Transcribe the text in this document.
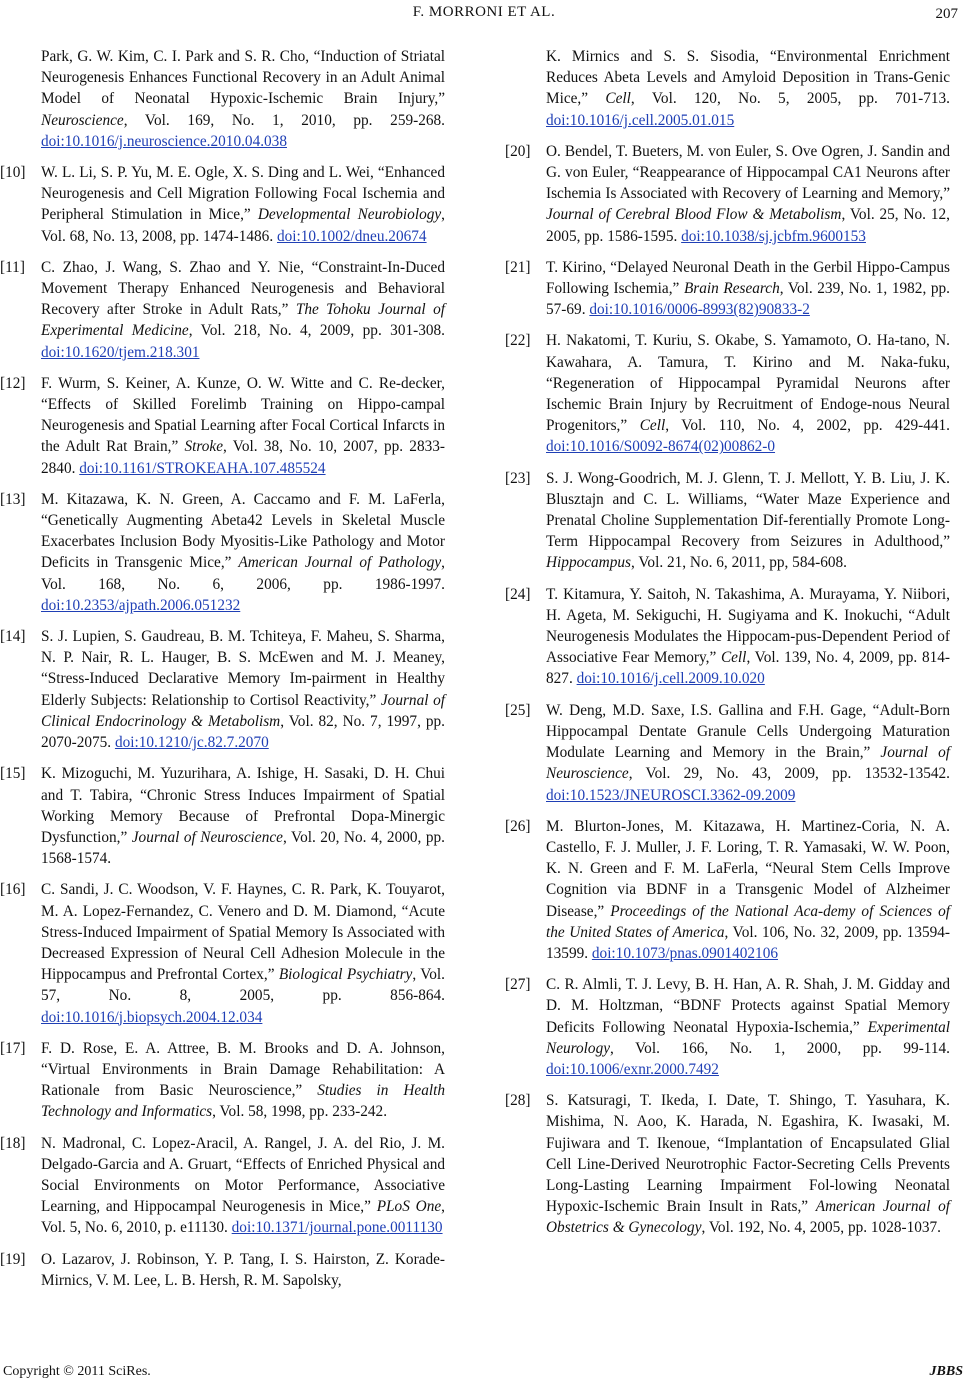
F. MORRONI ET AL.	207
Park, G. W. Kim, C. I. Park and S. R. Cho, “Induction of Striatal Neurogenesis Enhances Functional Recovery in an Adult Animal Model of Neonatal Hypoxic-Ischemic Brain Injury,” Neuroscience, Vol. 169, No. 1, 2010, pp. 259-268. doi:10.1016/j.neuroscience.2010.04.038
[10] W. L. Li, S. P. Yu, M. E. Ogle, X. S. Ding and L. Wei, “Enhanced Neurogenesis and Cell Migration Following Focal Ischemia and Peripheral Stimulation in Mice,” Developmental Neurobiology, Vol. 68, No. 13, 2008, pp. 1474-1486. doi:10.1002/dneu.20674
[11] C. Zhao, J. Wang, S. Zhao and Y. Nie, “Constraint-In-Duced Movement Therapy Enhanced Neurogenesis and Behavioral Recovery after Stroke in Adult Rats,” The Tohoku Journal of Experimental Medicine, Vol. 218, No. 4, 2009, pp. 301-308. doi:10.1620/tjem.218.301
[12] F. Wurm, S. Keiner, A. Kunze, O. W. Witte and C. Re-decker, “Effects of Skilled Forelimb Training on Hippo-campal Neurogenesis and Spatial Learning after Focal Cortical Infarcts in the Adult Rat Brain,” Stroke, Vol. 38, No. 10, 2007, pp. 2833-2840. doi:10.1161/STROKEAHA.107.485524
[13] M. Kitazawa, K. N. Green, A. Caccamo and F. M. LaFerla, “Genetically Augmenting Abeta42 Levels in Skeletal Muscle Exacerbates Inclusion Body Myositis-Like Pathology and Motor Deficits in Transgenic Mice,” American Journal of Pathology, Vol. 168, No. 6, 2006, pp. 1986-1997. doi:10.2353/ajpath.2006.051232
[14] S. J. Lupien, S. Gaudreau, B. M. Tchiteya, F. Maheu, S. Sharma, N. P. Nair, R. L. Hauger, B. S. McEwen and M. J. Meaney, “Stress-Induced Declarative Memory Im-pairment in Healthy Elderly Subjects: Relationship to Cortisol Reactivity,” Journal of Clinical Endocrinology & Metabolism, Vol. 82, No. 7, 1997, pp. 2070-2075. doi:10.1210/jc.82.7.2070
[15] K. Mizoguchi, M. Yuzurihara, A. Ishige, H. Sasaki, D. H. Chui and T. Tabira, “Chronic Stress Induces Impairment of Spatial Working Memory Because of Prefrontal Dopa-Minergic Dysfunction,” Journal of Neuroscience, Vol. 20, No. 4, 2000, pp. 1568-1574.
[16] C. Sandi, J. C. Woodson, V. F. Haynes, C. R. Park, K. Touyarot, M. A. Lopez-Fernandez, C. Venero and D. M. Diamond, “Acute Stress-Induced Impairment of Spatial Memory Is Associated with Decreased Expression of Neural Cell Adhesion Molecule in the Hippocampus and Prefrontal Cortex,” Biological Psychiatry, Vol. 57, No. 8, 2005, pp. 856-864. doi:10.1016/j.biopsych.2004.12.034
[17] F. D. Rose, E. A. Attree, B. M. Brooks and D. A. Johnson, “Virtual Environments in Brain Damage Rehabilitation: A Rationale from Basic Neuroscience,” Studies in Health Technology and Informatics, Vol. 58, 1998, pp. 233-242.
[18] N. Madronal, C. Lopez-Aracil, A. Rangel, J. A. del Rio, J. M. Delgado-Garcia and A. Gruart, “Effects of Enriched Physical and Social Environments on Motor Performance, Associative Learning, and Hippocampal Neurogenesis in Mice,” PLoS One, Vol. 5, No. 6, 2010, p. e11130. doi:10.1371/journal.pone.0011130
[19] O. Lazarov, J. Robinson, Y. P. Tang, I. S. Hairston, Z. Korade-Mirnics, V. M. Lee, L. B. Hersh, R. M. Sapolsky,
K. Mirnics and S. S. Sisodia, “Environmental Enrichment Reduces Abeta Levels and Amyloid Deposition in Trans-Genic Mice,” Cell, Vol. 120, No. 5, 2005, pp. 701-713. doi:10.1016/j.cell.2005.01.015
[20] O. Bendel, T. Bueters, M. von Euler, S. Ove Ogren, J. Sandin and G. von Euler, “Reappearance of Hippocampal CA1 Neurons after Ischemia Is Associated with Recovery of Learning and Memory,” Journal of Cerebral Blood Flow & Metabolism, Vol. 25, No. 12, 2005, pp. 1586-1595. doi:10.1038/sj.jcbfm.9600153
[21] T. Kirino, “Delayed Neuronal Death in the Gerbil Hippo-Campus Following Ischemia,” Brain Research, Vol. 239, No. 1, 1982, pp. 57-69. doi:10.1016/0006-8993(82)90833-2
[22] H. Nakatomi, T. Kuriu, S. Okabe, S. Yamamoto, O. Ha-tano, N. Kawahara, A. Tamura, T. Kirino and M. Naka-fuku, “Regeneration of Hippocampal Pyramidal Neurons after Ischemic Brain Injury by Recruitment of Endoge-nous Neural Progenitors,” Cell, Vol. 110, No. 4, 2002, pp. 429-441. doi:10.1016/S0092-8674(02)00862-0
[23] S. J. Wong-Goodrich, M. J. Glenn, T. J. Mellott, Y. B. Liu, J. K. Blusztajn and C. L. Williams, “Water Maze Experience and Prenatal Choline Supplementation Dif-ferentially Promote Long-Term Hippocampal Recovery from Seizures in Adulthood,” Hippocampus, Vol. 21, No. 6, 2011, pp, 584-608.
[24] T. Kitamura, Y. Saitoh, N. Takashima, A. Murayama, Y. Niibori, H. Ageta, M. Sekiguchi, H. Sugiyama and K. Inokuchi, “Adult Neurogenesis Modulates the Hippocam-pus-Dependent Period of Associative Fear Memory,” Cell, Vol. 139, No. 4, 2009, pp. 814-827. doi:10.1016/j.cell.2009.10.020
[25] W. Deng, M.D. Saxe, I.S. Gallina and F.H. Gage, “Adult-Born Hippocampal Dentate Granule Cells Undergoing Maturation Modulate Learning and Memory in the Brain,” Journal of Neuroscience, Vol. 29, No. 43, 2009, pp. 13532-13542. doi:10.1523/JNEUROSCI.3362-09.2009
[26] M. Blurton-Jones, M. Kitazawa, H. Martinez-Coria, N. A. Castello, F. J. Muller, J. F. Loring, T. R. Yamasaki, W. W. Poon, K. N. Green and F. M. LaFerla, “Neural Stem Cells Improve Cognition via BDNF in a Transgenic Model of Alzheimer Disease,” Proceedings of the National Aca-demy of Sciences of the United States of America, Vol. 106, No. 32, 2009, pp. 13594-13599. doi:10.1073/pnas.0901402106
[27] C. R. Almli, T. J. Levy, B. H. Han, A. R. Shah, J. M. Gidday and D. M. Holtzman, “BDNF Protects against Spatial Memory Deficits Following Neonatal Hypoxia-Ischemia,” Experimental Neurology, Vol. 166, No. 1, 2000, pp. 99-114. doi:10.1006/exnr.2000.7492
[28] S. Katsuragi, T. Ikeda, I. Date, T. Shingo, T. Yasuhara, K. Mishima, N. Aoo, K. Harada, N. Egashira, K. Iwasaki, M. Fujiwara and T. Ikenoue, “Implantation of Encapsulated Glial Cell Line-Derived Neurotrophic Factor-Secreting Cells Prevents Long-Lasting Learning Impairment Fol-lowing Neonatal Hypoxic-Ischemic Brain Insult in Rats,” American Journal of Obstetrics & Gynecology, Vol. 192, No. 4, 2005, pp. 1028-1037.
Copyright © 2011 SciRes.	JBBS
